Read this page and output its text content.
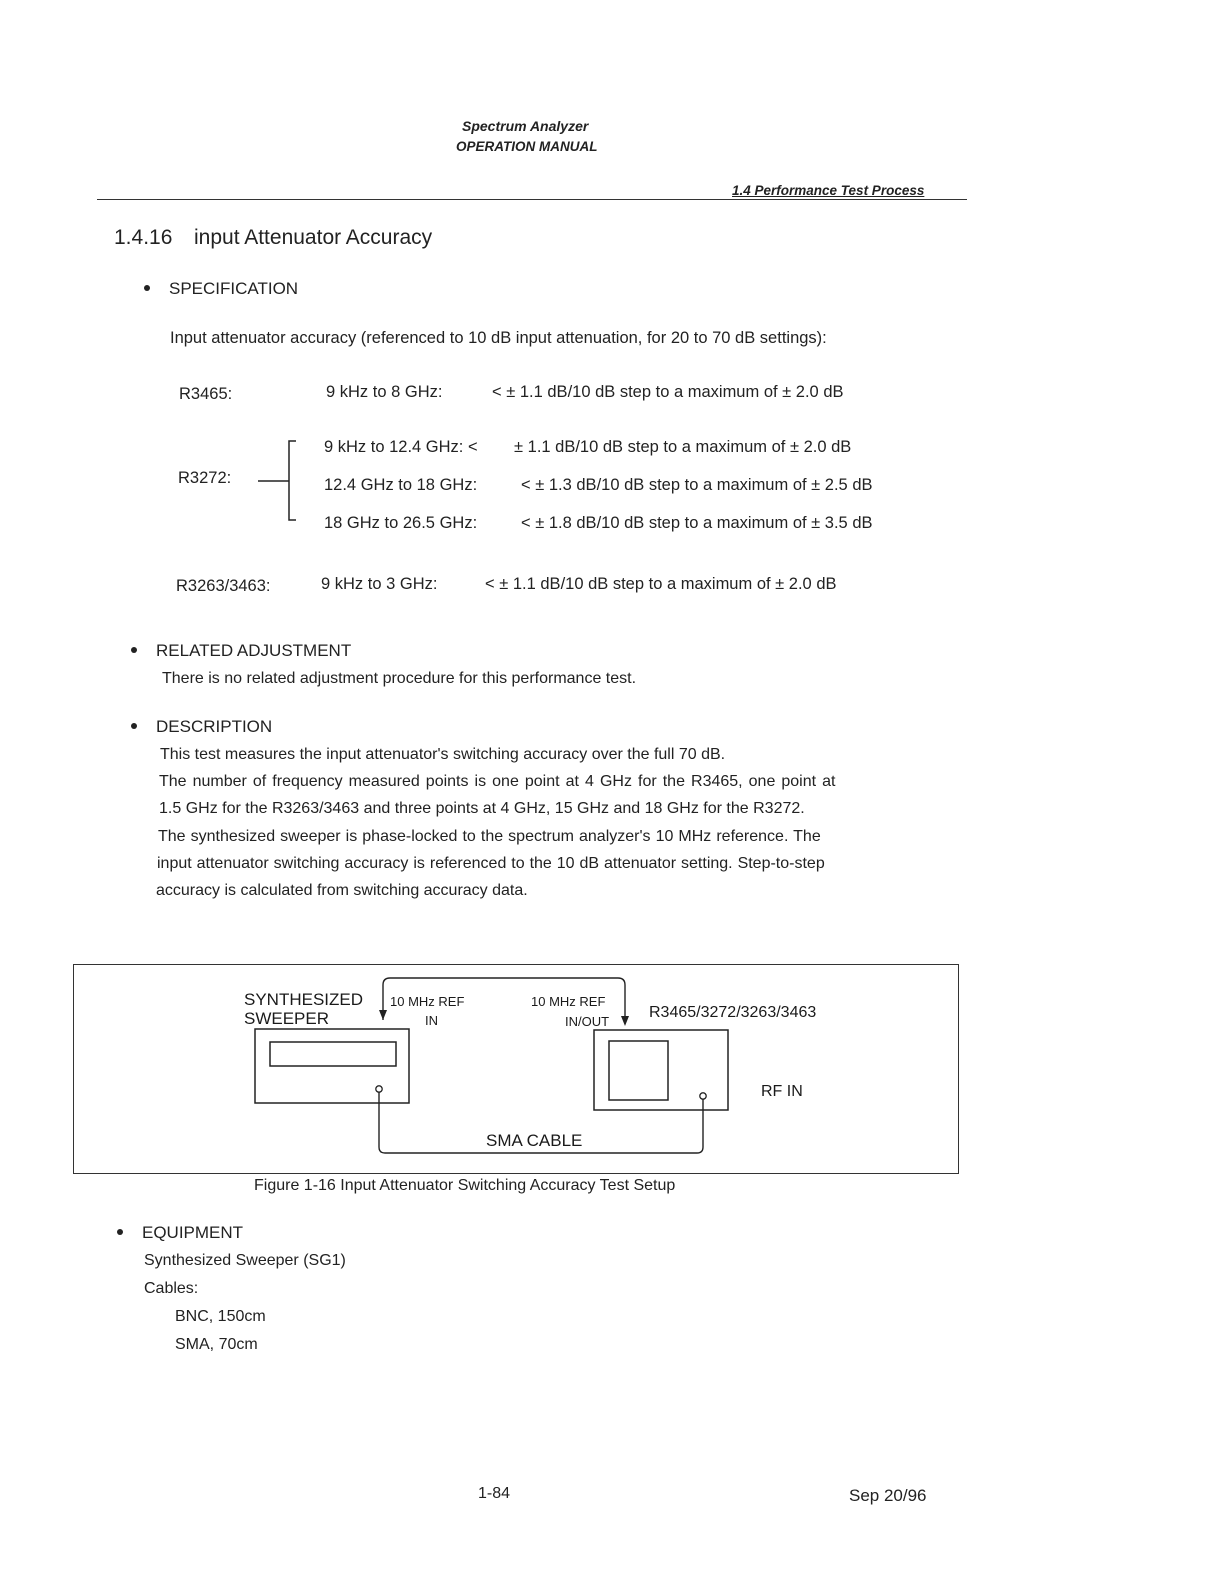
Spectrum Analyzer
OPERATION MANUAL
1.4 Performance Test Process
1.4.16 input Attenuator Accuracy
SPECIFICATION
Input attenuator accuracy (referenced to 10 dB input attenuation, for 20 to 70 dB settings):
R3465:	9 kHz to 8 GHz:	< ± 1.1 dB/10 dB step to a maximum of ± 2.0 dB
R3272:
9 kHz to 12.4 GHz: < ± 1.1 dB/10 dB step to a maximum of ± 2.0 dB
12.4 GHz to 18 GHz:	< ± 1.3 dB/10 dB step to a maximum of ± 2.5 dB
18 GHz to 26.5 GHz:	< ± 1.8 dB/10 dB step to a maximum of ± 3.5 dB
R3263/3463:	9 kHz to 3 GHz:	< ± 1.1 dB/10 dB step to a maximum of ± 2.0 dB
RELATED ADJUSTMENT
There is no related adjustment procedure for this performance test.
DESCRIPTION
This test measures the input attenuator's switching accuracy over the full 70 dB.
The number of frequency measured points is one point at 4 GHz for the R3465, one point at
1.5 GHz for the R3263/3463 and three points at 4 GHz, 15 GHz and 18 GHz for the R3272.
The synthesized sweeper is phase-locked to the spectrum analyzer's 10 MHz reference. The
input attenuator switching accuracy is referenced to the 10 dB attenuator setting. Step-to-step
accuracy is calculated from switching accuracy data.
SYNTHESIZED
SWEEPER
10 MHz REF
IN
10 MHz REF
IN/OUT
R3465/3272/3263/3463
RF IN
SMA CABLE
Figure 1-16 Input Attenuator Switching Accuracy Test Setup
EQUIPMENT
Synthesized Sweeper (SG1)
Cables:
BNC, 150cm
SMA, 70cm
1-84	Sep 20/96
